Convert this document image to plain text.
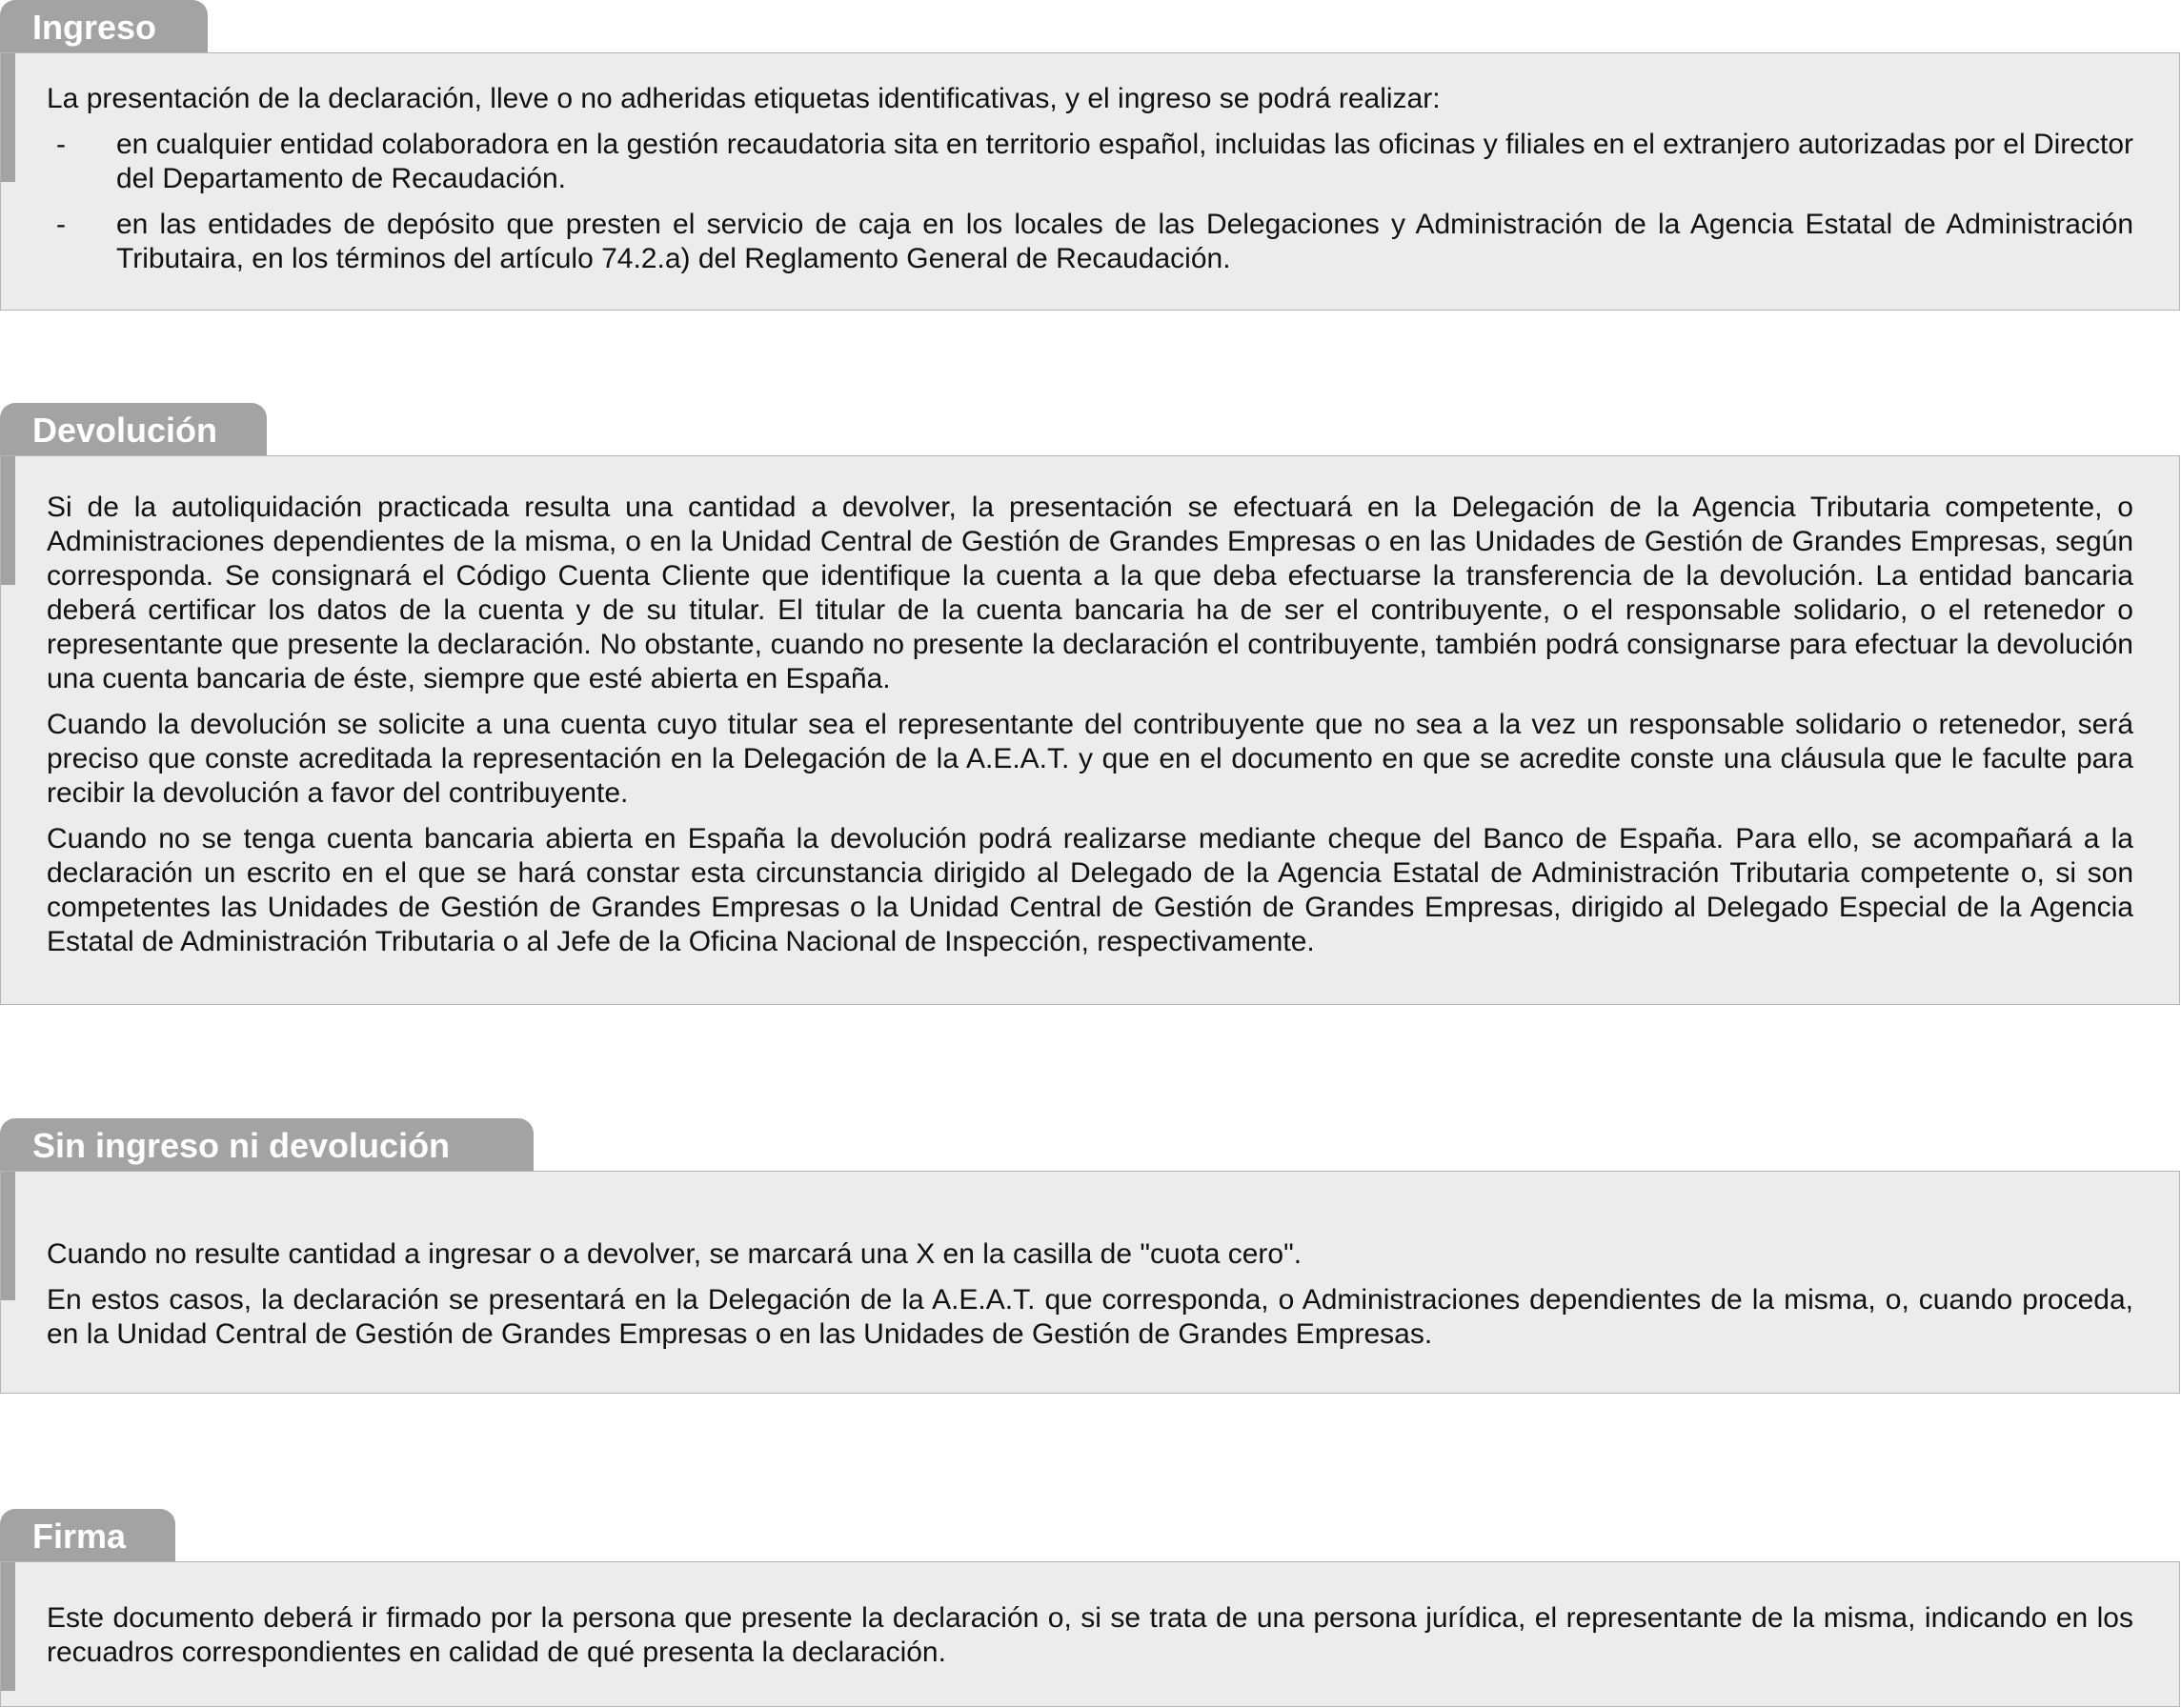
Ingreso

La presentación de la declaración, lleve o no adheridas etiquetas identificativas, y el ingreso se podrá realizar:

- en cualquier entidad colaboradora en la gestión recaudatoria sita en territorio español, incluidas las oficinas y filiales en el extranjero autorizadas por el Director del Departamento de Recaudación.
- en las entidades de depósito que presten el servicio de caja en los locales de las Delegaciones y Administración de la Agencia Estatal de Administración Tributaira, en los términos del artículo 74.2.a) del Reglamento General de Recaudación.
Devolución

Si de la autoliquidación practicada resulta una cantidad a devolver, la presentación se efectuará en la Delegación de la Agencia Tributaria competente, o Administraciones dependientes de la misma, o en la Unidad Central de Gestión de Grandes Empresas o en las Unidades de Gestión de Grandes Empresas, según corresponda. Se consignará el Código Cuenta Cliente que identifique la cuenta a la que deba efectuarse la transferencia de la devolución. La entidad bancaria deberá certificar los datos de la cuenta y de su titular. El titular de la cuenta bancaria ha de ser el contribuyente, o el responsable solidario, o el retenedor o representante que presente la declaración. No obstante, cuando no presente la declaración el contribuyente, también podrá consignarse para efectuar la devolución una cuenta bancaria de éste, siempre que esté abierta en España.

Cuando la devolución se solicite a una cuenta cuyo titular sea el representante del contribuyente que no sea a la vez un responsable solidario o retenedor, será preciso que conste acreditada la representación en la Delegación de la A.E.A.T. y que en el documento en que se acredite conste una cláusula que le faculte para recibir la devolución a favor del contribuyente.

Cuando no se tenga cuenta bancaria abierta en España la devolución podrá realizarse mediante cheque del Banco de España. Para ello, se acompañará a la declaración un escrito en el que se hará constar esta circunstancia dirigido al Delegado de la Agencia Estatal de Administración Tributaria competente o, si son competentes las Unidades de Gestión de Grandes Empresas o la Unidad Central de Gestión de Grandes Empresas, dirigido al Delegado Especial de la Agencia Estatal de Administración Tributaria o al Jefe de la Oficina Nacional de Inspección, respectivamente.

Sin ingreso ni devolución

Cuando no resulte cantidad a ingresar o a devolver, se marcará una X en la casilla de "cuota cero".

En estos casos, la declaración se presentará en la Delegación de la A.E.A.T. que corresponda, o Administraciones dependientes de la misma, o, cuando proceda, en la Unidad Central de Gestión de Grandes Empresas o en las Unidades de Gestión de Grandes Empresas.

Firma

Este documento deberá ir firmado por la persona que presente la declaración o, si se trata de una persona jurídica, el representante de la misma, indicando en los recuadros correspondientes en calidad de qué presenta la declaración.
